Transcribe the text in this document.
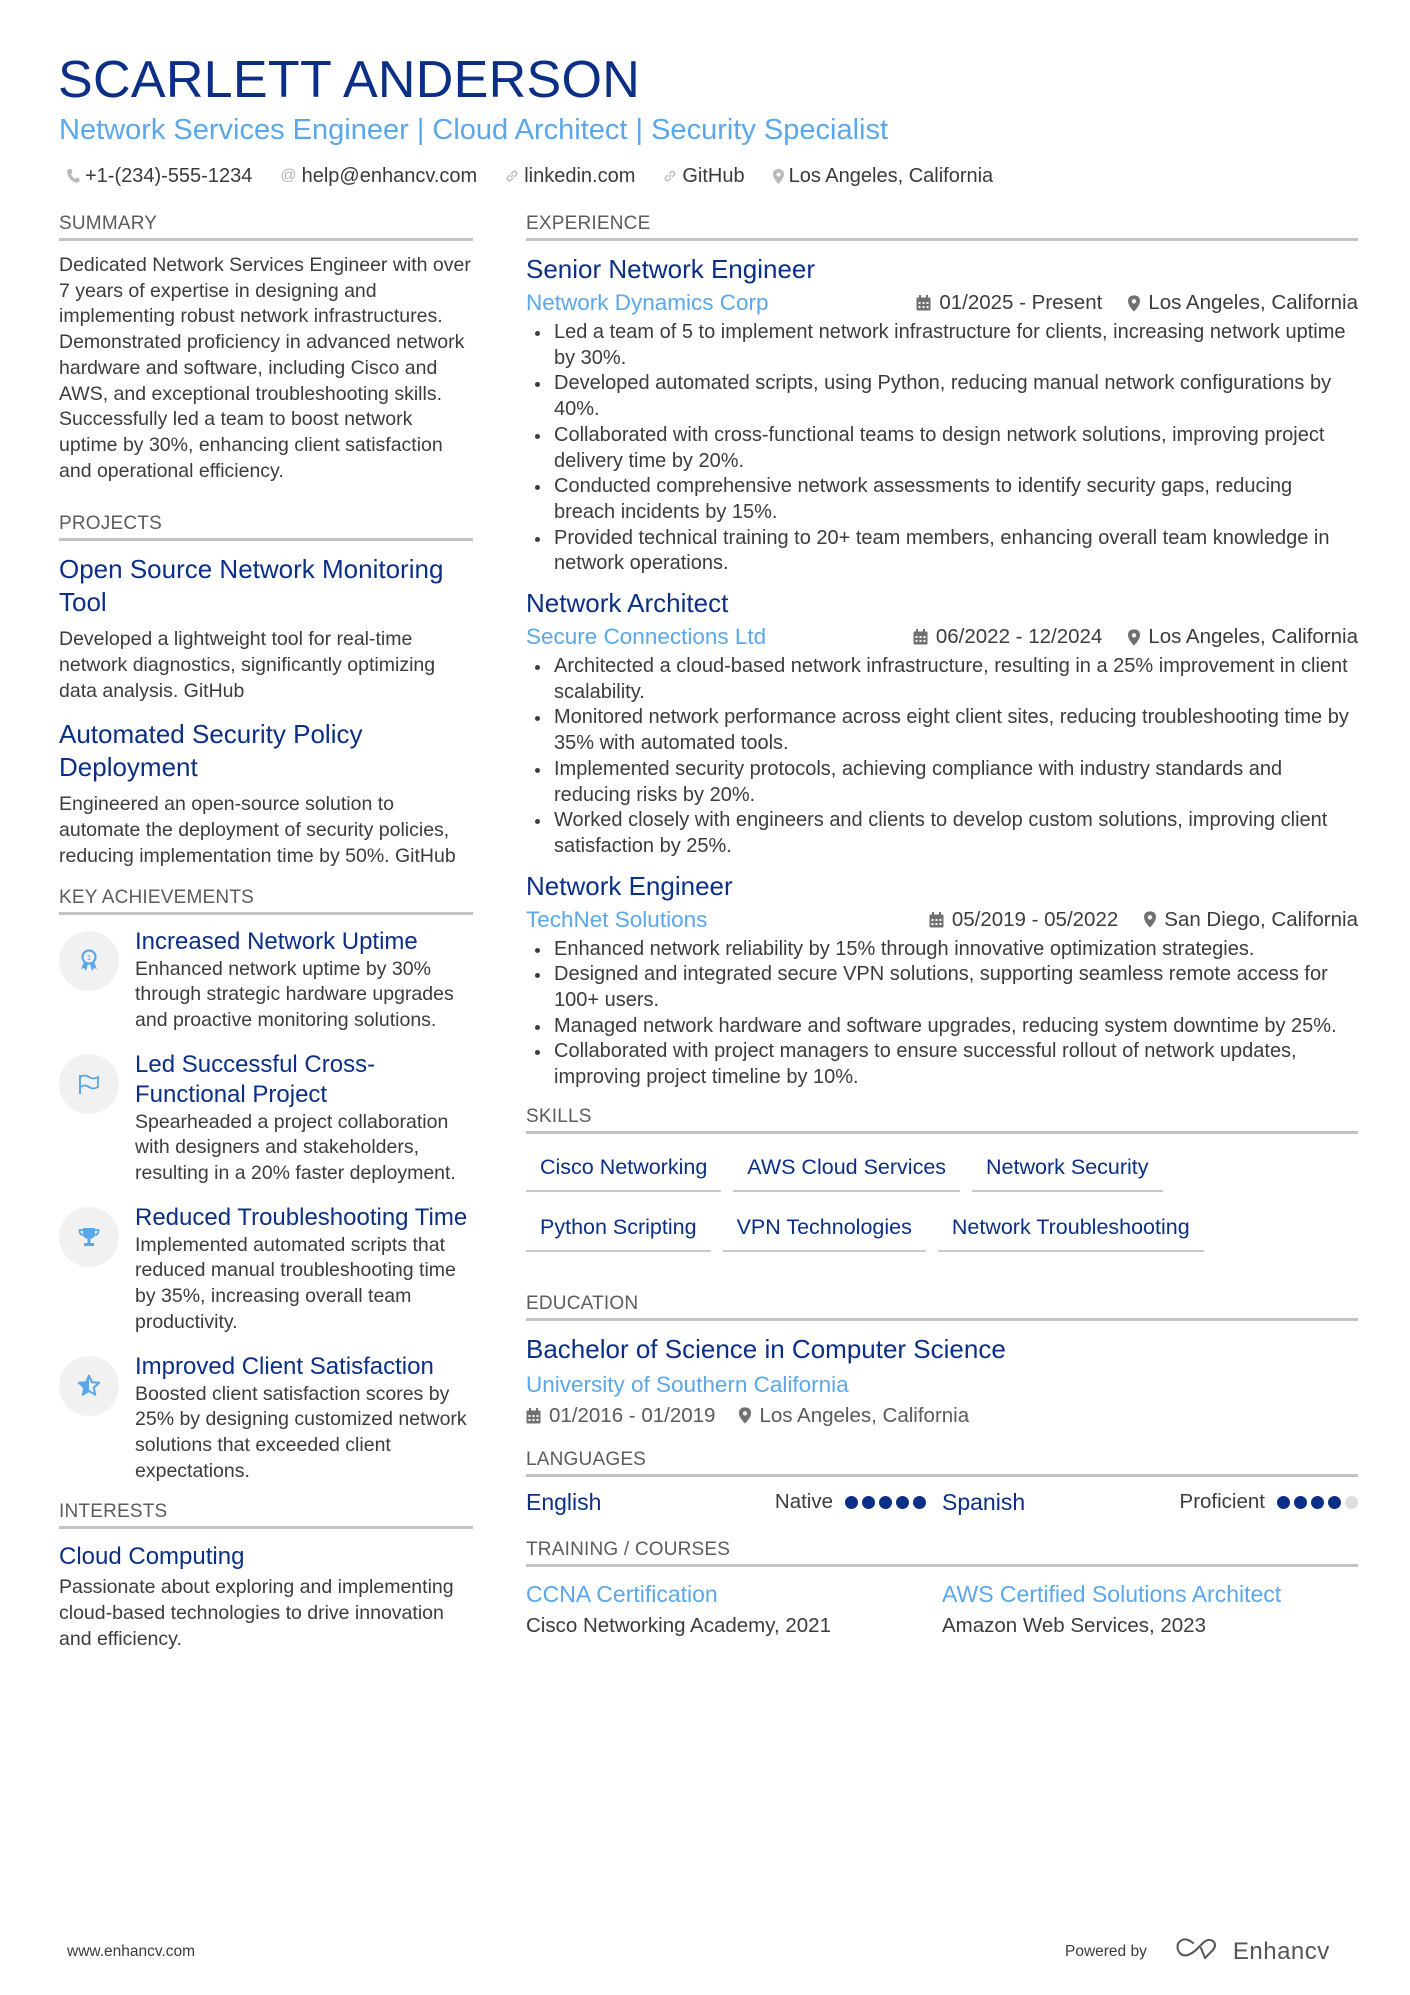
SCARLETT ANDERSON
Network Services Engineer | Cloud Architect | Security Specialist
+1-(234)-555-1234 @ help@enhancv.com linkedin.com GitHub Los Angeles, California
SUMMARY

Dedicated Network Services Engineer with over 7 years of expertise in designing and implementing robust network infrastructures. Demonstrated proficiency in advanced network hardware and software, including Cisco and AWS, and exceptional troubleshooting skills. Successfully led a team to boost network uptime by 30%, enhancing client satisfaction and operational efficiency.

PROJECTS
Open Source Network Monitoring Tool

Developed a lightweight tool for real-time network diagnostics, significantly optimizing data analysis. GitHub

Automated Security Policy Deployment

Engineered an open-source solution to automate the deployment of security policies, reducing implementation time by 50%. GitHub

KEY ACHIEVEMENTS
1
Increased Network Uptime

Enhanced network uptime by 30% through strategic hardware upgrades and proactive monitoring solutions.

Led Successful Cross-Functional Project

Spearheaded a project collaboration with designers and stakeholders, resulting in a 20% faster deployment.

Reduced Troubleshooting Time

Implemented automated scripts that reduced manual troubleshooting time by 35%, increasing overall team productivity.

Improved Client Satisfaction

Boosted client satisfaction scores by 25% by designing customized network solutions that exceeded client expectations.

INTERESTS
Cloud Computing

Passionate about exploring and implementing cloud-based technologies to drive innovation and efficiency.

EXPERIENCE
Senior Network Engineer
Network Dynamics Corp	01/2025 - Present Los Angeles, California
Led a team of 5 to implement network infrastructure for clients, increasing network uptime by 30%.
Developed automated scripts, using Python, reducing manual network configurations by 40%.
Collaborated with cross-functional teams to design network solutions, improving project delivery time by 20%.
Conducted comprehensive network assessments to identify security gaps, reducing breach incidents by 15%.
Provided technical training to 20+ team members, enhancing overall team knowledge in network operations.
Network Architect
Secure Connections Ltd	06/2022 - 12/2024 Los Angeles, California
Architected a cloud-based network infrastructure, resulting in a 25% improvement in client scalability.
Monitored network performance across eight client sites, reducing troubleshooting time by 35% with automated tools.
Implemented security protocols, achieving compliance with industry standards and reducing risks by 20%.
Worked closely with engineers and clients to develop custom solutions, improving client satisfaction by 25%.
Network Engineer
TechNet Solutions	05/2019 - 05/2022 San Diego, California
Enhanced network reliability by 15% through innovative optimization strategies.
Designed and integrated secure VPN solutions, supporting seamless remote access for 100+ users.
Managed network hardware and software upgrades, reducing system downtime by 25%.
Collaborated with project managers to ensure successful rollout of network updates, improving project timeline by 10%.
SKILLS
Cisco Networking	AWS Cloud Services	Network Security
Python Scripting	VPN Technologies	Network Troubleshooting
EDUCATION
Bachelor of Science in Computer Science
University of Southern California
01/2016 - 01/2019 Los Angeles, California
LANGUAGES
English	Native	Spanish	Proficient
TRAINING / COURSES
CCNA Certification
Cisco Networking Academy, 2021
AWS Certified Solutions Architect
Amazon Web Services, 2023
www.enhancv.com	Powered by	Enhancv
